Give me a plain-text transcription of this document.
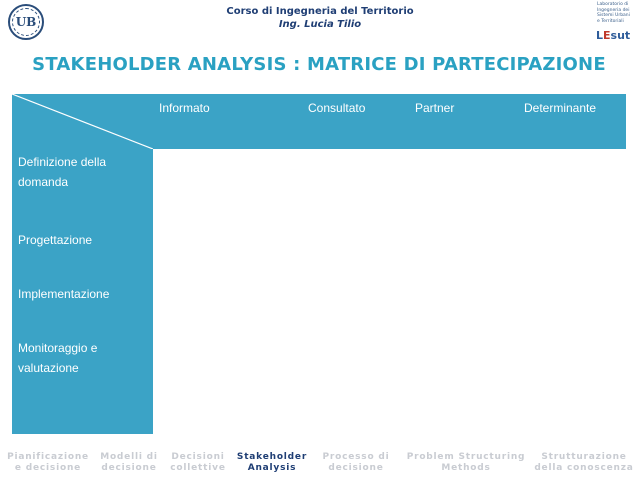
UB
Corso di Ingegneria del Territorio
Ing. Lucia Tilio
Laboratorio di
Ingegneria dei
Sistemi Urbani
e Territoriali
LEsut
STAKEHOLDER ANALYSIS : MATRICE DI PARTECIPAZIONE
Informato	Consultato	Partner	Determinante
Definizione della domanda
Progettazione
Implementazione
Monitoraggio e valutazione
Pianificazione
e decisione
Modelli di
decisione
Decisioni
collettive
Stakeholder
Analysis
Processo di
decisione
Problem Structuring
Methods
Strutturazione
della conoscenza
